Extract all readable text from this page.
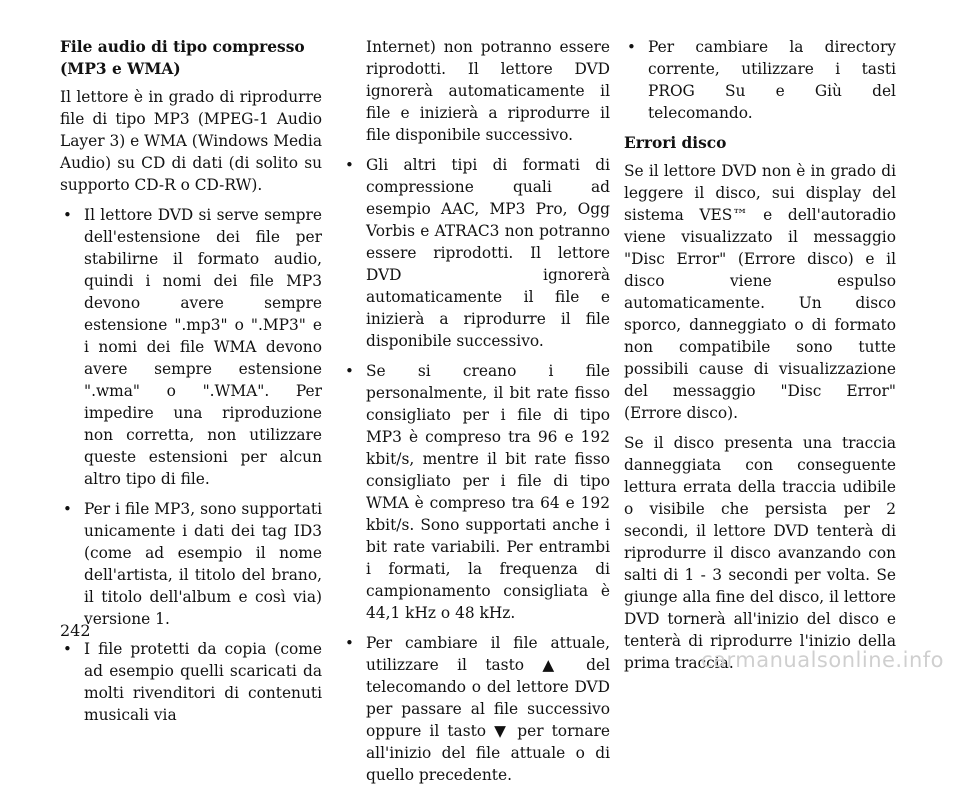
File audio di tipo compresso (MP3 e WMA)
Il lettore è in grado di riprodurre file di tipo MP3 (MPEG-1 Audio Layer 3) e WMA (Windows Media Audio) su CD di dati (di solito su supporto CD-R o CD-RW).
• Il lettore DVD si serve sempre dell'estensione dei file per stabilirne il formato audio, quindi i nomi dei file MP3 devono avere sempre estensione ".mp3" o ".MP3" e i nomi dei file WMA devono avere sempre estensione ".wma" o ".WMA". Per impedire una riproduzione non corretta, non utilizzare queste estensioni per alcun altro tipo di file.
• Per i file MP3, sono supportati unicamente i dati dei tag ID3 (come ad esempio il nome dell'artista, il titolo del brano, il titolo dell'album e così via) versione 1.
• I file protetti da copia (come ad esempio quelli scaricati da molti rivenditori di contenuti musicali via
Internet) non potranno essere riprodotti. Il lettore DVD ignorerà automaticamente il file e inizierà a riprodurre il file disponibile successivo.
• Gli altri tipi di formati di compressione quali ad esempio AAC, MP3 Pro, Ogg Vorbis e ATRAC3 non potranno essere riprodotti. Il lettore DVD ignorerà automaticamente il file e inizierà a riprodurre il file disponibile successivo.
• Se si creano i file personalmente, il bit rate fisso consigliato per i file di tipo MP3 è compreso tra 96 e 192 kbit/s, mentre il bit rate fisso consigliato per i file di tipo WMA è compreso tra 64 e 192 kbit/s. Sono supportati anche i bit rate variabili. Per entrambi i formati, la frequenza di campionamento consigliata è 44,1 kHz o 48 kHz.
• Per cambiare il file attuale, utilizzare il tasto ▲ del telecomando o del lettore DVD per passare al file successivo oppure il tasto ▼ per tornare all'inizio del file attuale o di quello precedente.
• Per cambiare la directory corrente, utilizzare i tasti PROG Su e Giù del telecomando.
Errori disco
Se il lettore DVD non è in grado di leggere il disco, sui display del sistema VES™ e dell'autoradio viene visualizzato il messaggio "Disc Error" (Errore disco) e il disco viene espulso automaticamente. Un disco sporco, danneggiato o di formato non compatibile sono tutte possibili cause di visualizzazione del messaggio "Disc Error" (Errore disco).
Se il disco presenta una traccia danneggiata con conseguente lettura errata della traccia udibile o visibile che persista per 2 secondi, il lettore DVD tenterà di riprodurre il disco avanzando con salti di 1 - 3 secondi per volta. Se giunge alla fine del disco, il lettore DVD tornerà all'inizio del disco e tenterà di riprodurre l'inizio della prima traccia.
242
carmanualsonline.info
